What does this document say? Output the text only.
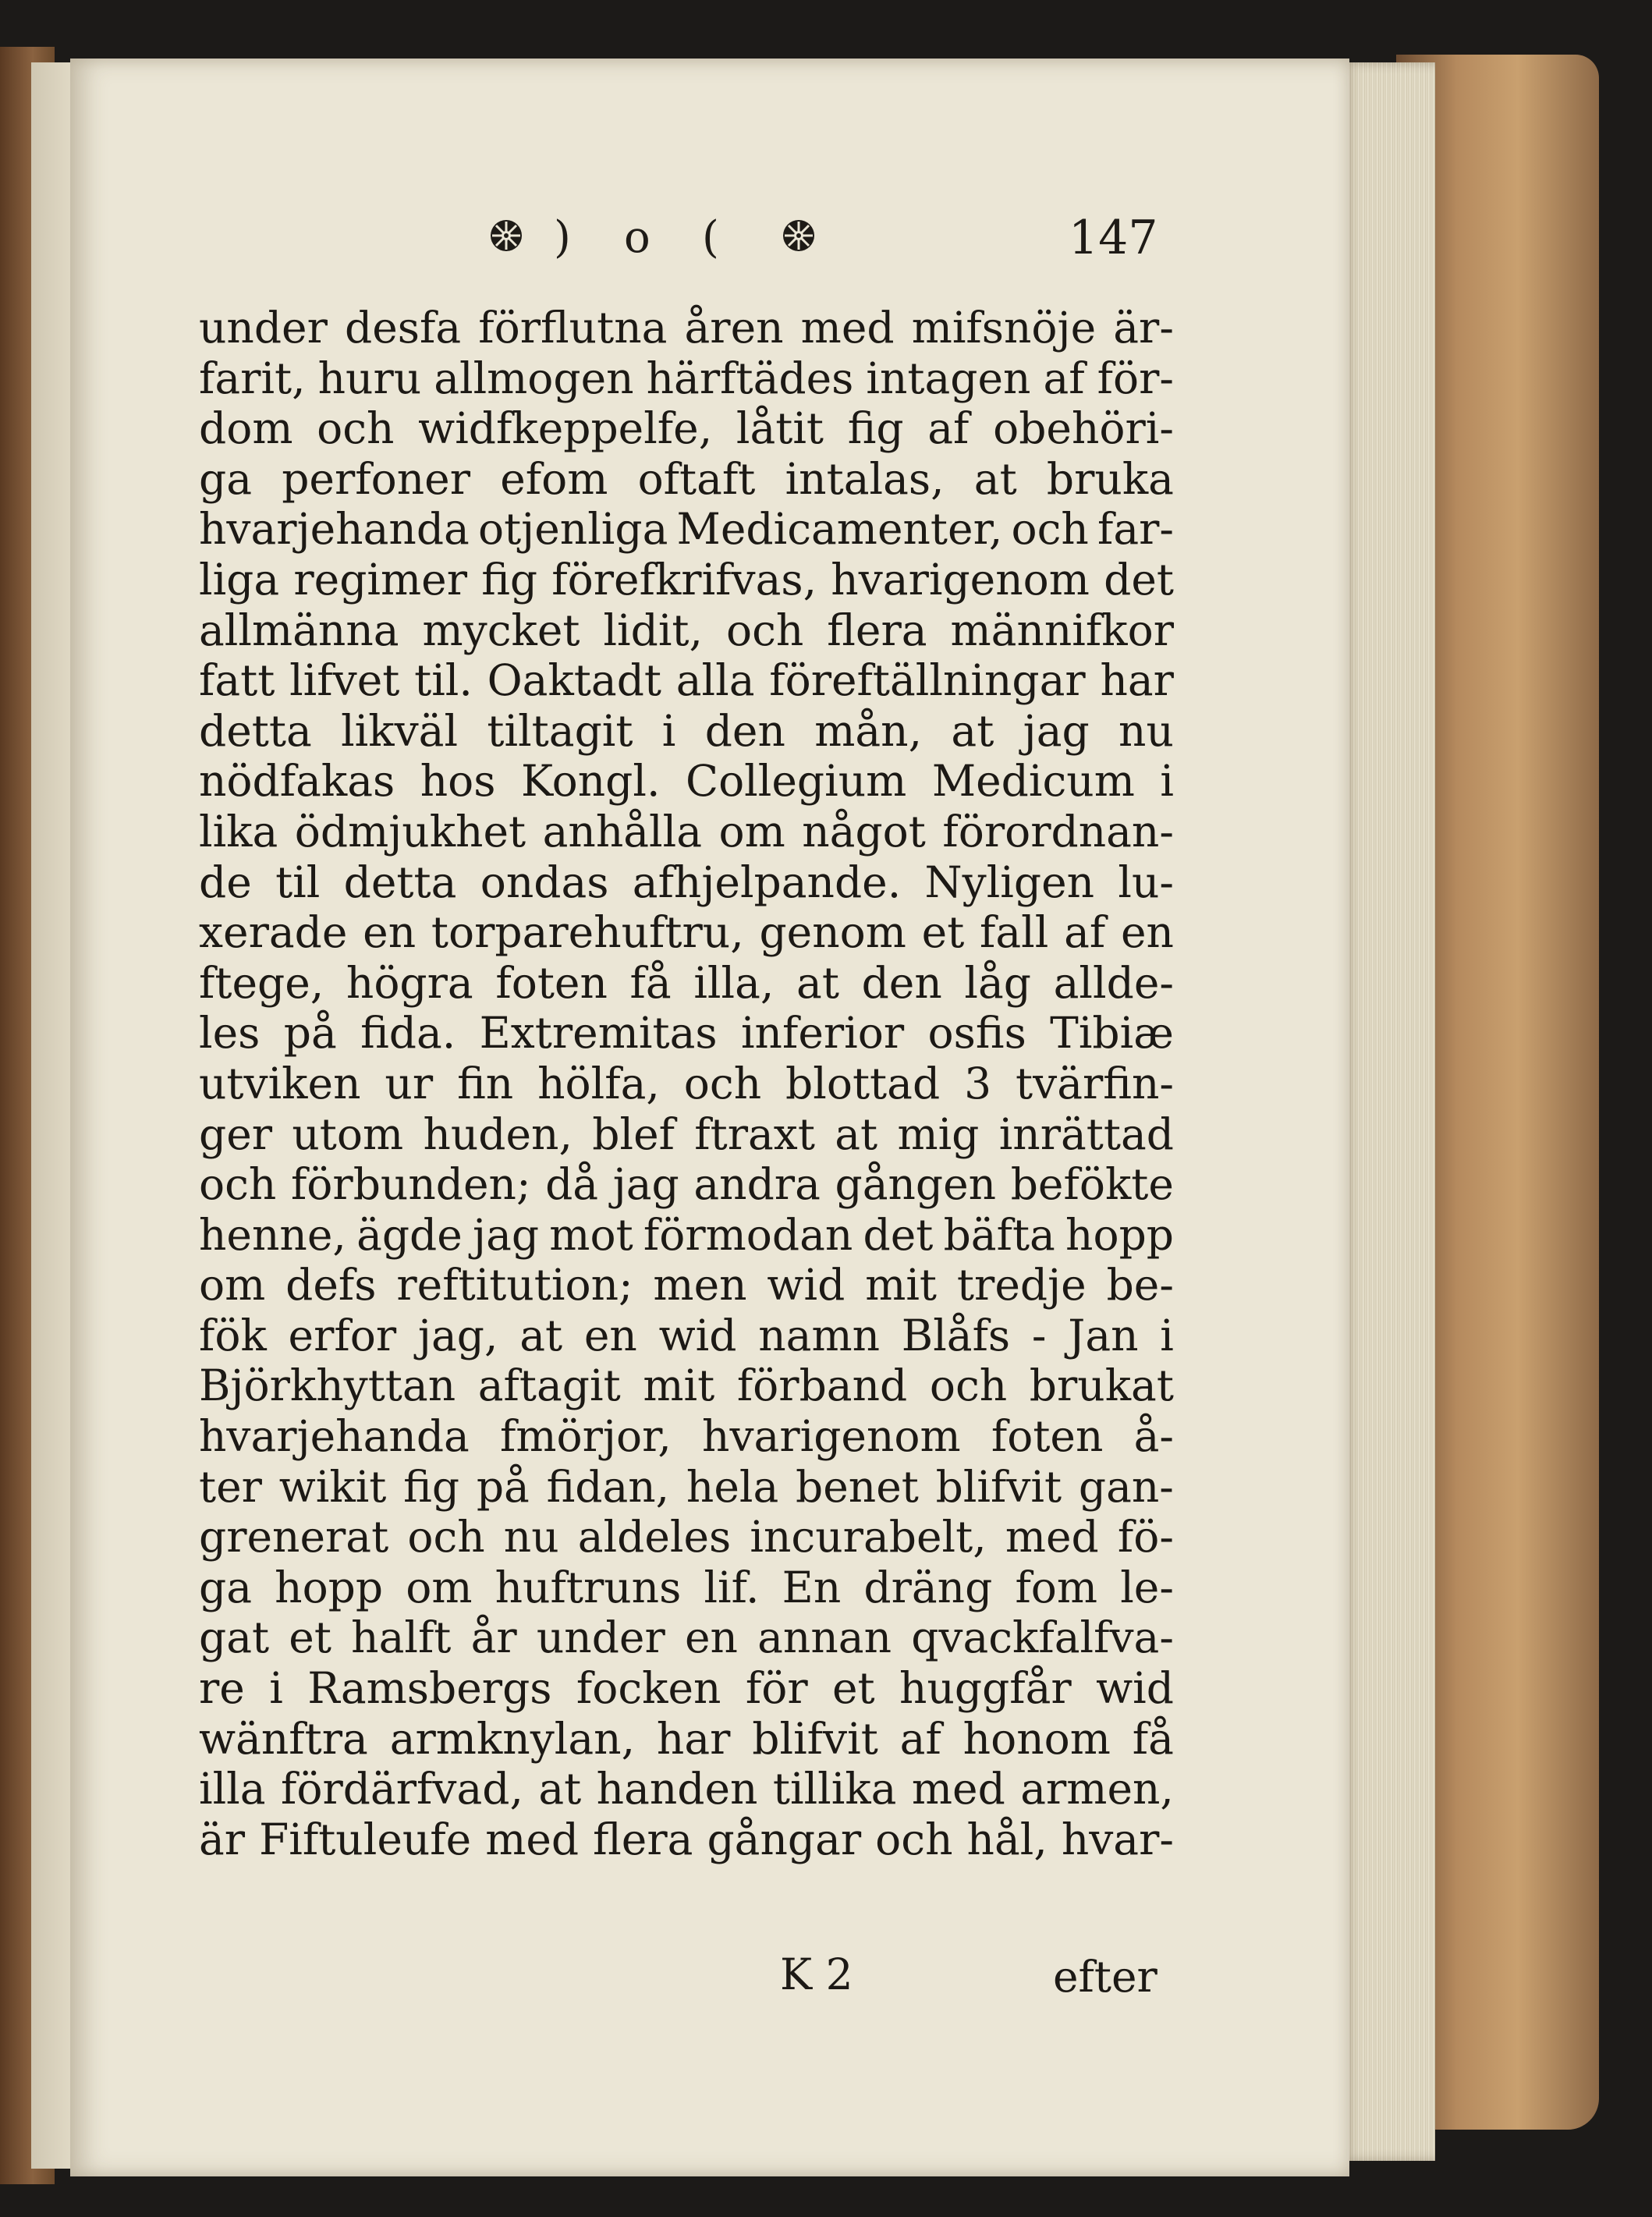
) o (	147
under desfa förflutna åren med mifsnöje är-
farit, huru allmogen härftädes intagen af för-
dom och widfkeppelfe, låtit fig af obehöri-
ga perfoner efom oftaft intalas, at bruka
hvarjehanda otjenliga Medicamenter, och far-
liga regimer fig förefkrifvas, hvarigenom det
allmänna mycket lidit, och flera männifkor
fatt lifvet til. Oaktadt alla föreftällningar har
detta likväl tiltagit i den mån, at jag nu
nödfakas hos Kongl. Collegium Medicum i
lika ödmjukhet anhålla om något förordnan-
de til detta ondas afhjelpande. Nyligen lu-
xerade en torparehuftru, genom et fall af en
ftege, högra foten få illa, at den låg allde-
les på fida. Extremitas inferior osfis Tibiæ
utviken ur fin hölfa, och blottad 3 tvärfin-
ger utom huden, blef ftraxt at mig inrättad
och förbunden; då jag andra gången befökte
henne, ägde jag mot förmodan det bäfta hopp
om defs reftitution; men wid mit tredje be-
fök erfor jag, at en wid namn Blåfs - Jan i
Björkhyttan aftagit mit förband och brukat
hvarjehanda fmörjor, hvarigenom foten å-
ter wikit fig på fidan, hela benet blifvit gan-
grenerat och nu aldeles incurabelt, med fö-
ga hopp om huftruns lif. En dräng fom le-
gat et halft år under en annan qvackfalfva-
re i Ramsbergs focken för et huggfår wid
wänftra armknylan, har blifvit af honom få
illa fördärfvad, at handen tillika med armen,
är Fiftuleufe med flera gångar och hål, hvar-
K 2	efter
